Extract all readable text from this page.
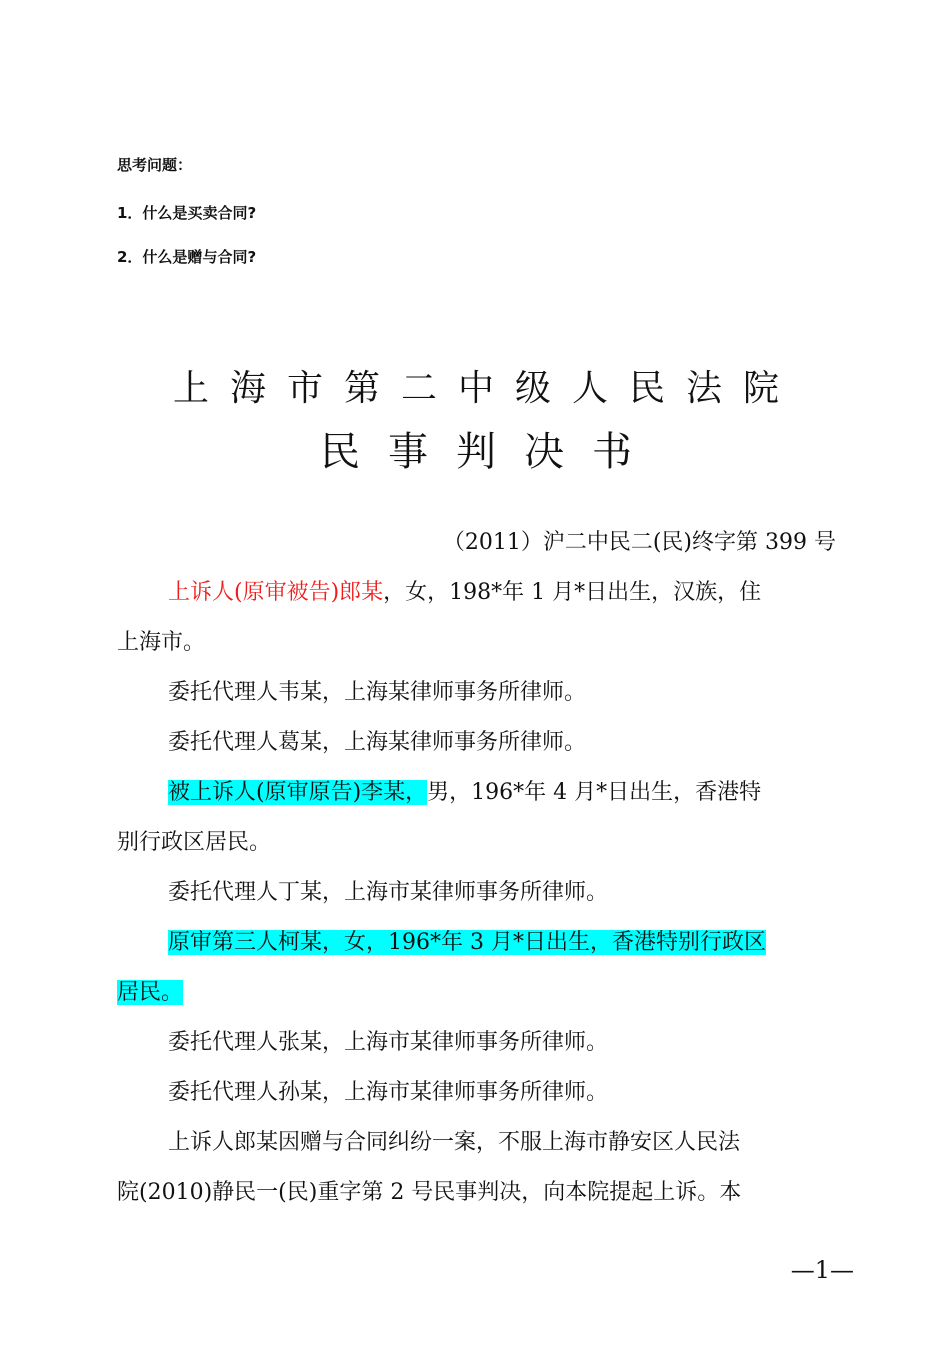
思考问题：
1．什么是买卖合同?
2．什么是赠与合同?
上海市第二中级人民法院
民事判决书
（2011）沪二中民二(民)终字第 399 号
上诉人(原审被告)郎某，女，198*年 1 月*日出生，汉族，住
上海市。
委托代理人韦某，上海某律师事务所律师。
委托代理人葛某，上海某律师事务所律师。
被上诉人(原审原告)李某，男，196*年 4 月*日出生，香港特
别行政区居民。
委托代理人丁某，上海市某律师事务所律师。
原审第三人柯某，女，196*年 3 月*日出生，香港特别行政区
居民。
委托代理人张某，上海市某律师事务所律师。
委托代理人孙某，上海市某律师事务所律师。
上诉人郎某因赠与合同纠纷一案，不服上海市静安区人民法
院(2010)静民一(民)重字第 2 号民事判决，向本院提起上诉。本
—1—
